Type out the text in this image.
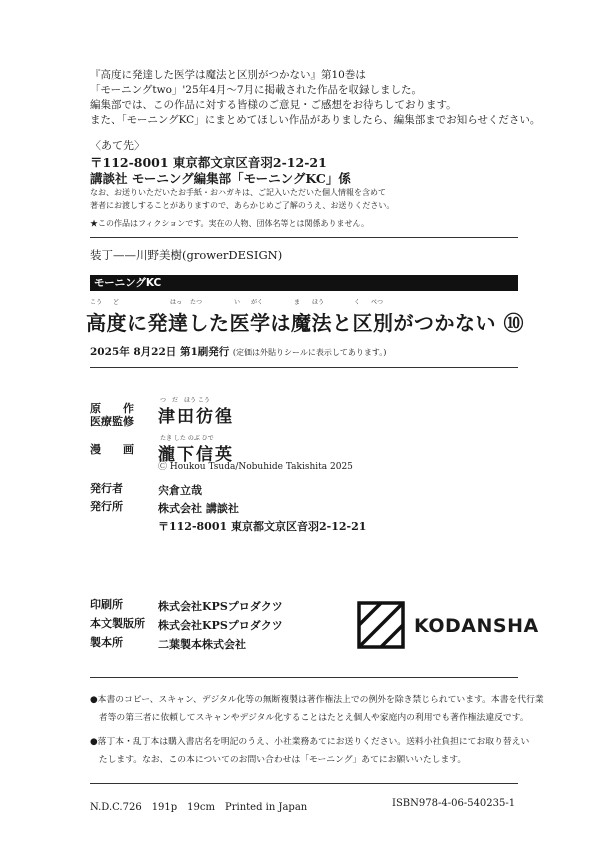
『高度に発達した医学は魔法と区別がつかない』第10巻は
「モーニングtwo」'25年4月〜7月に掲載された作品を収録しました。
編集部では、この作品に対する皆様のご意見・ご感想をお待ちしております。
また、「モーニングKC」にまとめてほしい作品がありましたら、編集部までお知らせください。
〈あて先〉
〒112-8001 東京都文京区音羽2-12-21
講談社 モーニング編集部「モーニングKC」係
なお、お送りいただいたお手紙・おハガキは、ご記入いただいた個人情報を含めて
著者にお渡しすることがありますので、あらかじめご了解のうえ、お送りください。
★この作品はフィクションです。実在の人物、団体名等とは関係ありません。
装丁——川野美樹(growerDESIGN)
モーニングKC
こう ど	はっ たつ	い がく	ま ほう	く べつ
高度に発達した医学は魔法と区別がつかない ⑩
2025年 8月22日 第1刷発行 (定価は外貼りシールに表示してあります。)
原　　作
医療監修
つ　だ　ほう こう
津田彷徨
漫　　画
たき した のぶ ひで
瀧下信英
Ⓒ Houkou Tsuda/Nobuhide Takishita 2025
発行者	宍倉立哉
発行所	株式会社 講談社
〒112-8001 東京都文京区音羽2-12-21
印刷所	株式会社KPSプロダクツ
本文製版所 株式会社KPSプロダクツ
製本所	二葉製本株式会社
KODANSHA
●本書のコピー、スキャン、デジタル化等の無断複製は著作権法上での例外を除き禁じられています。本書を代行業
　者等の第三者に依頼してスキャンやデジタル化することはたとえ個人や家庭内の利用でも著作権法違反です。
●落丁本・乱丁本は購入書店名を明記のうえ、小社業務あてにお送りください。送料小社負担にてお取り替えい
　たします。なお、この本についてのお問い合わせは「モーニング」あてにお願いいたします。
N.D.C.726　191p　19cm　Printed in Japan	ISBN978-4-06-540235-1
